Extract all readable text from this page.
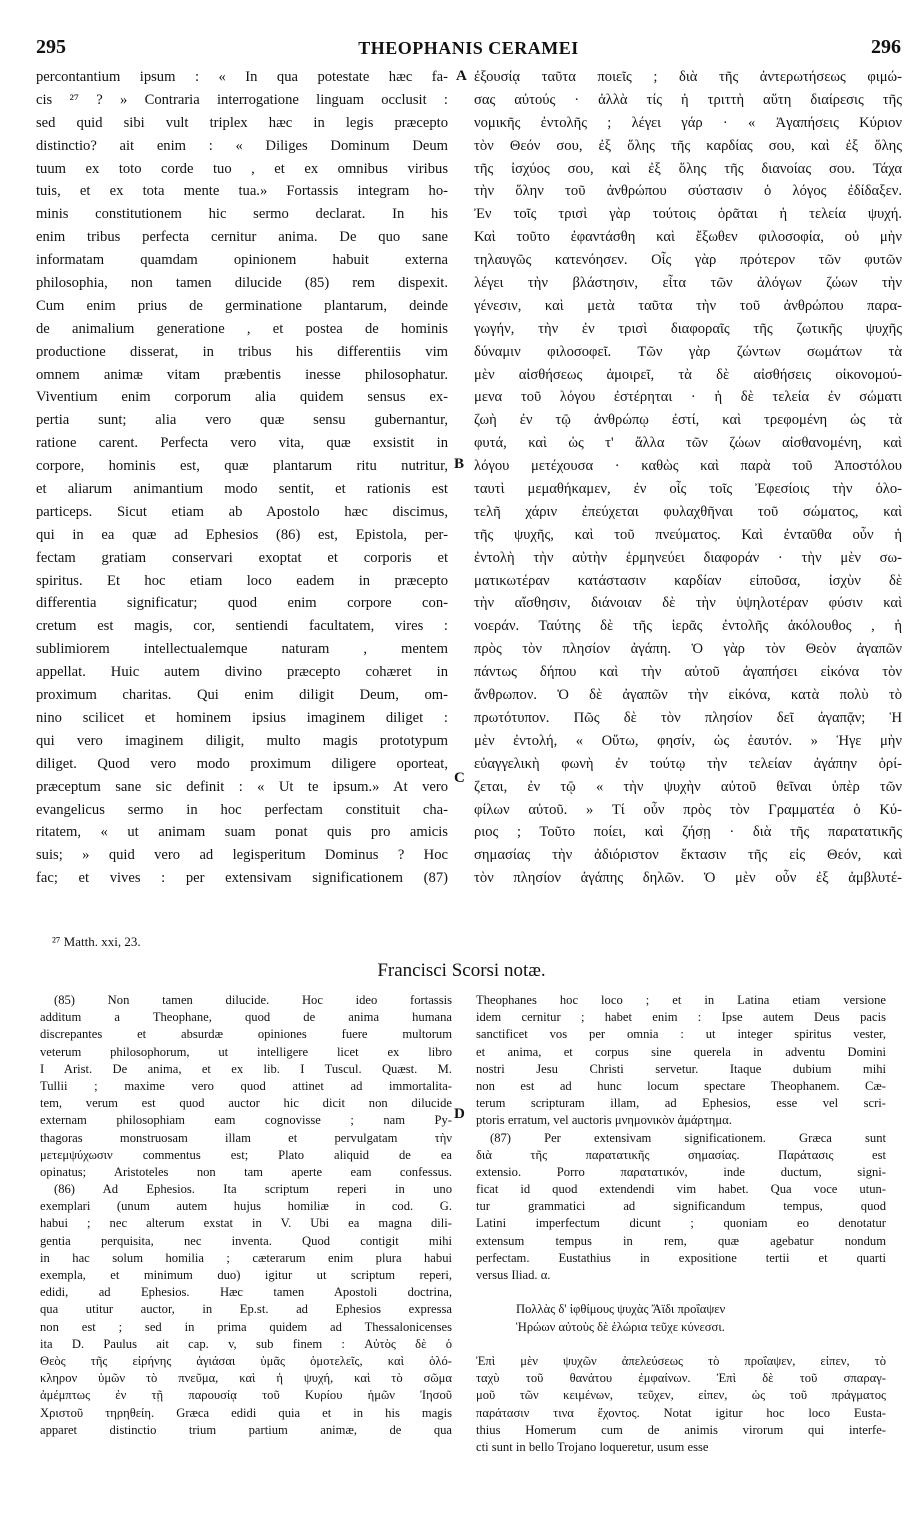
295	THEOPHANIS CERAMEI	296
percontantium ipsum : « In qua potestate hæc fa-
cis ²⁷ ? » Contraria interrogatione linguam occlusit :
sed quid sibi vult triplex hæc in legis præcepto
distinctio? ait enim : « Diliges Dominum Deum
tuum ex toto corde tuo , et ex omnibus viribus
tuis, et ex tota mente tua.» Fortassis integram ho-
minis constitutionem hic sermo declarat. In his
enim tribus perfecta cernitur anima. De quo sane
informatam quamdam opinionem habuit externa
philosophia, non tamen dilucide (85) rem dispexit.
Cum enim prius de germinatione plantarum, deinde
de animalium generatione , et postea de hominis
productione disserat, in tribus his differentiis vim
omnem animæ vitam præbentis inesse philosophatur.
Viventium enim corporum alia quidem sensus ex-
pertia sunt; alia vero quæ sensu gubernantur,
ratione carent. Perfecta vero vita, quæ exsistit in
corpore, hominis est, quæ plantarum ritu nutritur,
et aliarum animantium modo sentit, et rationis est
particeps. Sicut etiam ab Apostolo hæc discimus,
qui in ea quæ ad Ephesios (86) est, Epistola, per-
fectam gratiam conservari exoptat et corporis et
spiritus. Et hoc etiam loco eadem in præcepto
differentia significatur; quod enim corpore con-
cretum est magis, cor, sentiendi facultatem, vires :
sublimiorem intellectualemque naturam , mentem
appellat. Huic autem divino præcepto cohæret in
proximum charitas. Qui enim diligit Deum, om-
nino scilicet et hominem ipsius imaginem diliget :
qui vero imaginem diligit, multo magis prototypum
diliget. Quod vero modo proximum diligere oporteat,
præceptum sane sic definit : « Ut te ipsum.» At vero
evangelicus sermo in hoc perfectam constituit cha-
ritatem, « ut animam suam ponat quis pro amicis
suis; » quid vero ad legisperitum Dominus ? Hoc
fac; et vives : per extensivam significationem (87)
ἐξουσίᾳ ταῦτα ποιεῖς ; διὰ τῆς ἀντερωτήσεως φιμώ-
σας αὐτούς · ἀλλὰ τίς ἡ τριττὴ αὕτη διαίρεσις τῆς
νομικῆς ἐντολῆς ; λέγει γάρ · « Ἀγαπήσεις Κύριον
τὸν Θεόν σου, ἐξ ὅλης τῆς καρδίας σου, καὶ ἐξ ὅλης
τῆς ἰσχύος σου, καὶ ἐξ ὅλης τῆς διανοίας σου. Τάχα
τὴν ὅλην τοῦ ἀνθρώπου σύστασιν ὁ λόγος ἐδίδαξεν.
Ἐν τοῖς τρισὶ γὰρ τούτοις ὁρᾶται ἡ τελεία ψυχή.
Καὶ τοῦτο ἐφαντάσθη καὶ ἔξωθεν φιλοσοφία, οὐ μὴν
τηλαυγῶς κατενόησεν. Οἷς γὰρ πρότερον τῶν φυτῶν
λέγει τὴν βλάστησιν, εἶτα τῶν ἀλόγων ζώων τὴν
γένεσιν, καὶ μετὰ ταῦτα τὴν τοῦ ἀνθρώπου παρα-
γωγήν, τὴν ἐν τρισὶ διαφοραῖς τῆς ζωτικῆς ψυχῆς
δύναμιν φιλοσοφεῖ. Τῶν γὰρ ζώντων σωμάτων τὰ
μὲν αἰσθήσεως ἀμοιρεῖ, τὰ δὲ αἰσθήσεις οἰκονομού-
μενα τοῦ λόγου ἐστέρηται · ἡ δὲ τελεία ἐν σώματι
ζωὴ ἐν τῷ ἀνθρώπῳ ἐστί, καὶ τρεφομένη ὡς τὰ
φυτά, καὶ ὡς τ' ἄλλα τῶν ζώων αἰσθανομένη, καὶ
λόγου μετέχουσα · καθὼς καὶ παρὰ τοῦ Ἀποστόλου
ταυτὶ μεμαθήκαμεν, ἐν οἷς τοῖς Ἐφεσίοις τὴν ὁλο-
τελῆ χάριν ἐπεύχεται φυλαχθῆναι τοῦ σώματος, καὶ
τῆς ψυχῆς, καὶ τοῦ πνεύματος. Καὶ ἐνταῦθα οὖν ἡ
ἐντολὴ τὴν αὐτὴν ἑρμηνεύει διαφοράν · τὴν μὲν σω-
ματικωτέραν κατάστασιν καρδίαν εἰποῦσα, ἰσχὺν δὲ
τὴν αἴσθησιν, διάνοιαν δὲ τὴν ὑψηλοτέραν φύσιν καὶ
νοεράν. Ταύτης δὲ τῆς ἱερᾶς ἐντολῆς ἀκόλουθος , ἡ
πρὸς τὸν πλησίον ἀγάπη. Ὁ γὰρ τὸν Θεὸν ἀγαπῶν
πάντως δήπου καὶ τὴν αὐτοῦ ἀγαπήσει εἰκόνα τὸν
ἄνθρωπον. Ὁ δὲ ἀγαπῶν τὴν εἰκόνα, κατὰ πολὺ τὸ
πρωτότυπον. Πῶς δὲ τὸν πλησίον δεῖ ἀγαπᾷν; Ἡ
μὲν ἐντολή, « Οὕτω, φησίν, ὡς ἑαυτόν. » Ἡγε μὴν
εὐαγγελικὴ φωνὴ ἐν τούτῳ τὴν τελείαν ἀγάπην ὁρί-
ζεται, ἐν τῷ « τὴν ψυχὴν αὐτοῦ θεῖναι ὑπὲρ τῶν
φίλων αὐτοῦ. » Τί οὖν πρὸς τὸν Γραμματέα ὁ Κύ-
ριος ; Τοῦτο ποίει, καὶ ζήσῃ · διὰ τῆς παρατατικῆς
σημασίας τὴν ἀδιόριστον ἔκτασιν τῆς εἰς Θεόν, καὶ
τὸν πλησίον ἀγάπης δηλῶν. Ὁ μὲν οὖν ἐξ ἀμβλυτέ-
A
B
C
D
²⁷ Matth. xxi, 23.
Francisci Scorsi notæ.
(85) Non tamen dilucide. Hoc ideo fortassis
additum a Theophane, quod de anima humana
discrepantes et absurdæ opiniones fuere multorum
veterum philosophorum, ut intelligere licet ex libro
I Arist. De anima, et ex lib. I Tuscul. Quæst. M.
Tullii ; maxime vero quod attinet ad immortalita-
tem, verum est quod auctor hic dicit non dilucide
externam philosophiam eam cognovisse ; nam Py-
thagoras monstruosam illam et pervulgatam τὴν
μετεμψύχωσιν commentus est; Plato aliquid de ea
opinatus; Aristoteles non tam aperte eam confessus.
(86) Ad Ephesios. Ita scriptum reperi in uno
exemplari (unum autem hujus homiliæ in cod. G.
habui ; nec alterum exstat in V. Ubi ea magna dili-
gentia perquisita, nec inventa. Quod contigit mihi
in hac solum homilia ; cæterarum enim plura habui
exempla, et minimum duo) igitur ut scriptum reperi,
edidi, ad Ephesios. Hæc tamen Apostoli doctrina,
qua utitur auctor, in Ep.st. ad Ephesios expressa
non est ; sed in prima quidem ad Thessalonicenses
ita D. Paulus ait cap. v, sub finem : Αὐτὸς δὲ ὁ
Θεὸς τῆς εἰρήνης ἁγιάσαι ὑμᾶς ὁμοτελεῖς, καὶ ὁλό-
κληρον ὑμῶν τὸ πνεῦμα, καὶ ἡ ψυχή, καὶ τὸ σῶμα
ἀμέμπτως ἐν τῇ παρουσίᾳ τοῦ Κυρίου ἡμῶν Ἰησοῦ
Χριστοῦ τηρηθείη. Græca edidi quia et in his magis
apparet distinctio trium partium animæ, de qua
Theophanes hoc loco ; et in Latina etiam versione
idem cernitur ; habet enim : Ipse autem Deus pacis
sanctificet vos per omnia : ut integer spiritus vester,
et anima, et corpus sine querela in adventu Domini
nostri Jesu Christi servetur. Itaque dubium mihi
non est ad hunc locum spectare Theophanem. Cæ-
terum scripturam illam, ad Ephesios, esse vel scri-
ptoris erratum, vel auctoris μνημονικὸν ἁμάρτημα.
(87) Per extensivam significationem. Græca sunt
διὰ τῆς παρατατικῆς σημασίας. Παράτασις est
extensio. Porro παρατατικόν, inde ductum, signi-
ficat id quod extendendi vim habet. Qua voce utun-
tur grammatici ad significandum tempus, quod
Latini imperfectum dicunt ; quoniam eo denotatur
extensum tempus in rem, quæ agebatur nondum
perfectam. Eustathius in expositione tertii et quarti
versus Iliad. α.
Πολλὰς δ' ἰφθίμους ψυχὰς Ἄϊδι προΐαψεν
Ἡρώων αὐτοὺς δὲ ἑλώρια τεῦχε κύνεσσι.
Ἐπὶ μὲν ψυχῶν ἀπελεύσεως τὸ προΐαψεν, εἰπεν, τὸ
ταχὺ τοῦ θανάτου ἐμφαίνων. Ἐπὶ δὲ τοῦ σπαραγ-
μοῦ τῶν κειμένων, τεῦχεν, εἰπεν, ὡς τοῦ πράγματος
παράτασιν τινα ἔχοντος. Notat igitur hoc loco Eusta-
thius Homerum cum de animis virorum qui interfe-
cti sunt in bello Trojano loqueretur, usum esse
